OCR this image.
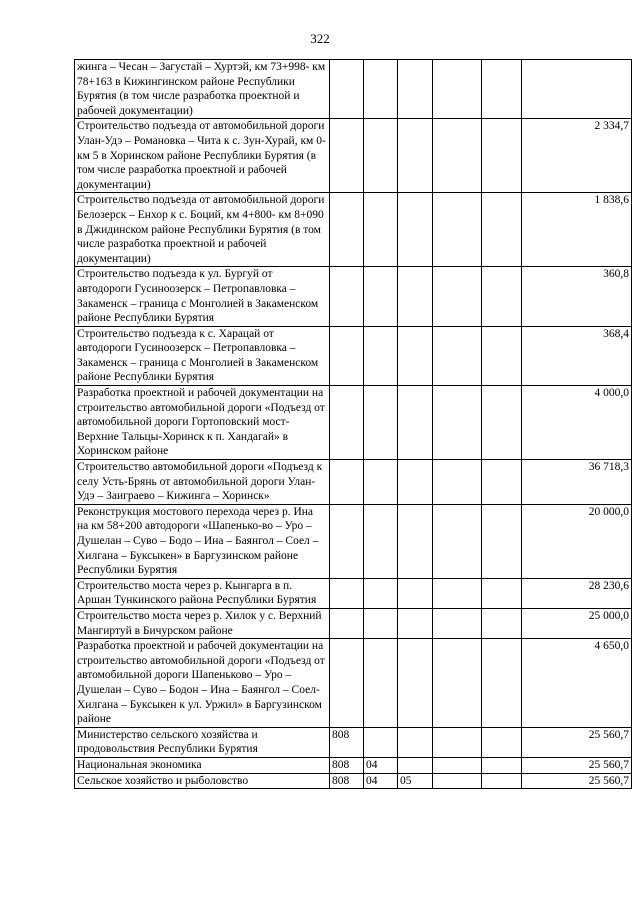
322
жинга – Чесан – Загустай – Хуртэй, км 73+998- км 78+163 в Кижингинском районе Республики Бурятия (в том числе разработка проектной и рабочей документации)						
Строительство подъезда от автомобильной дороги Улан-Удэ – Романовка – Чита к с. Зун-Хурай, км 0- км 5 в Хоринском районе Республики Бурятия (в том числе разработка проектной и рабочей документации)						2 334,7
Строительство подъезда от автомобильной дороги Белозерск – Енхор к с. Боций, км 4+800- км 8+090 в Джидинском районе Республики Бурятия (в том числе разработка проектной и рабочей документации)						1 838,6
Строительство подъезда к ул. Бургуй от автодороги Гусиноозерск – Петропавловка – Закаменск – граница с Монголией в Закаменском районе Республики Бурятия						360,8
Строительство подъезда к с. Харацай от автодороги Гусиноозерск – Петропавловка – Закаменск – граница с Монголией в Закаменском районе Республики Бурятия						368,4
Разработка проектной и рабочей документации на строительство автомобильной дороги «Подъезд от автомобильной дороги Гортоповский мост-Верхние Тальцы-Хоринск к п. Хандагай» в Хоринском районе						4 000,0
Строительство автомобильной дороги «Подъезд к селу Усть-Брянь от автомобильной дороги Улан-Удэ – Заиграево – Кижинга – Хоринск»						36 718,3
Реконструкция мостового перехода через р. Ина на км 58+200 автодороги «Шапенько-во – Уро – Душелан – Суво – Бодо – Ина – Баянгол – Соел – Хилгана – Буксыкен» в Баргузинском районе Республики Бурятия						20 000,0
Строительство моста через р. Кынгарга в п. Аршан Тункинского района Республики Бурятия						28 230,6
Строительство моста через р. Хилок у с. Верхний Мангиртуй в Бичурском районе						25 000,0
Разработка проектной и рабочей документации на строительство автомобильной дороги «Подъезд от автомобильной дороги Шапеньково – Уро – Душелан – Суво – Бодон – Ина – Баянгол – Соел-Хилгана – Буксыкен к ул. Уржил» в Баргузинском районе						4 650,0
Министерство сельского хозяйства и продовольствия Республики Бурятия	808					25 560,7
Национальная экономика	808	04				25 560,7
Сельское хозяйство и рыболовство	808	04	05			25 560,7
